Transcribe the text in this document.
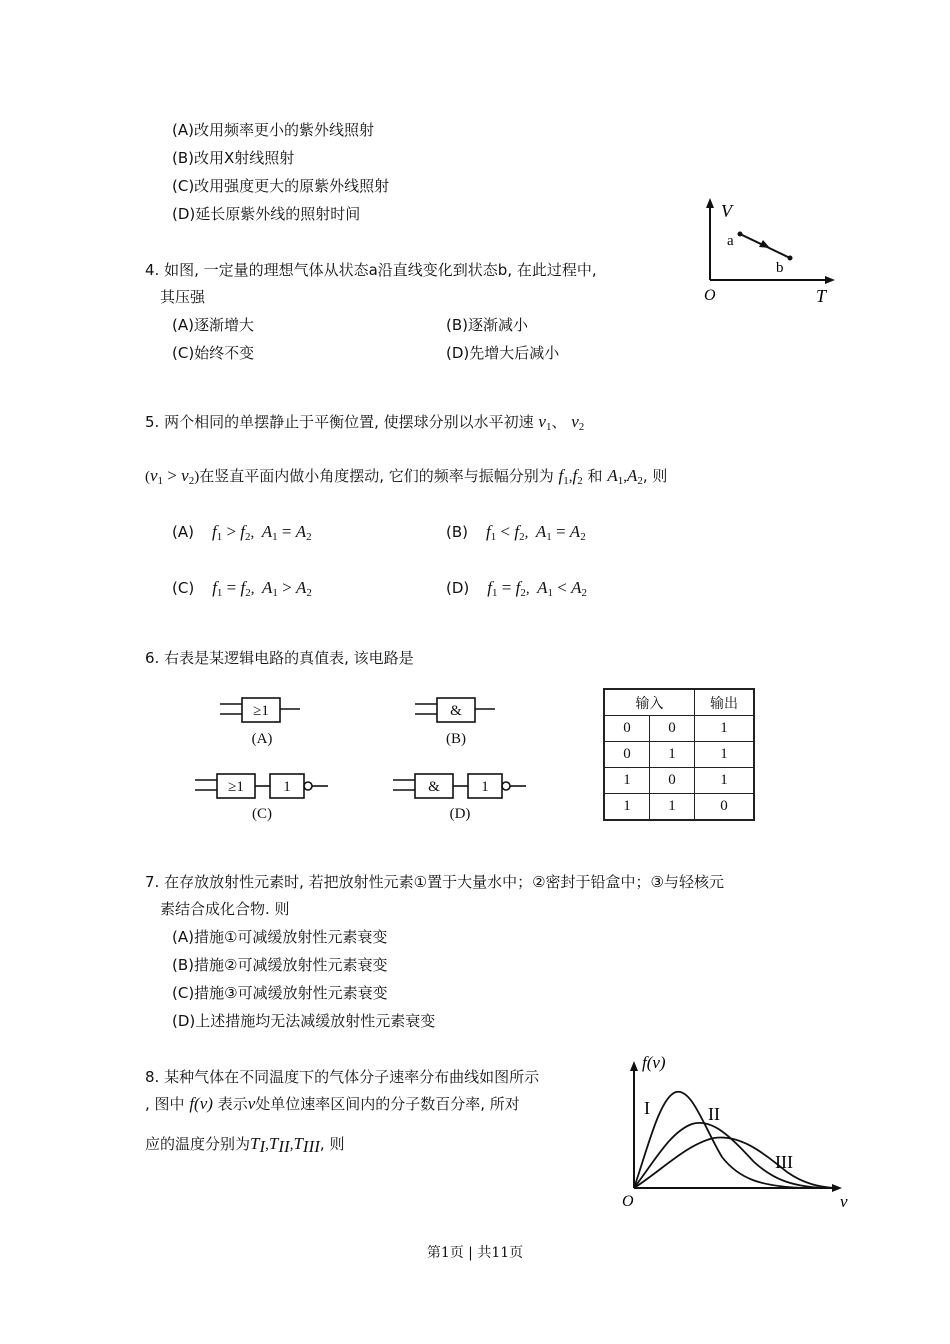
(A)改用频率更小的紫外线照射
(B)改用X射线照射
(C)改用强度更大的原紫外线照射
(D)延长原紫外线的照射时间
4. 如图, 一定量的理想气体从状态a沿直线变化到状态b, 在此过程中,
其压强
(A)逐渐增大	(B)逐渐减小
(C)始终不变	(D)先增大后减小
V
T
O
a
b
5. 两个相同的单摆静止于平衡位置, 使摆球分别以水平初速 $v_1$、 $v_2$
$(v_1 > v_2)$在竖直平面内做小角度摆动, 它们的频率与振幅分别为 $f_1,f_2$ 和 $A_1,A_2$, 则
(A) $f_1 > f_2$,  $A_1 = A_2$	(B) $f_1 < f_2$,  $A_1 = A_2$
(C) $f_1 = f_2$,  $A_1 > A_2$	(D) $f_1 = f_2$,  $A_1 < A_2$
6. 右表是某逻辑电路的真值表, 该电路是
≥1	&
≥1	1	&	1
(A)	(B)
(C)	(D)
输入		输出
0	0	1
0	1	1
1	0	1
1	1	0
7. 在存放放射性元素时, 若把放射性元素①置于大量水中；②密封于铅盒中；③与轻核元
素结合成化合物. 则
(A)措施①可减缓放射性元素衰变
(B)措施②可减缓放射性元素衰变
(C)措施③可减缓放射性元素衰变
(D)上述措施均无法减缓放射性元素衰变
8. 某种气体在不同温度下的气体分子速率分布曲线如图所示
, 图中 f(v) 表示v处单位速率区间内的分子数百分率, 所对
应的温度分别为$T_I,T_{II},T_{III}$, 则
f(v)
v
O
I	II
III
第1页 | 共11页
